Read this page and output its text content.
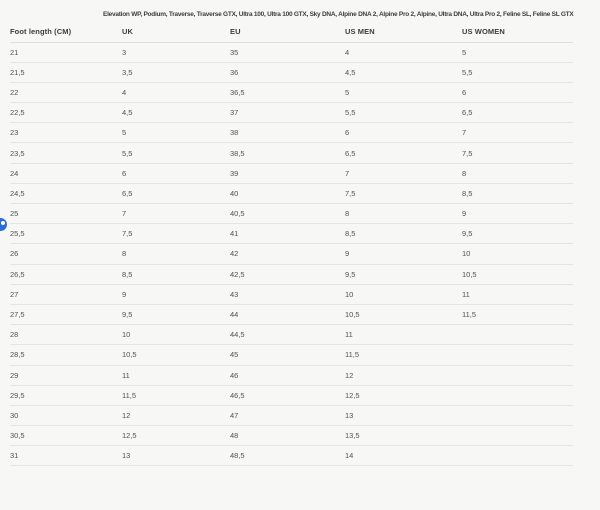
Elevation WP, Podium, Traverse, Traverse GTX, Ultra 100, Ultra 100 GTX, Sky DNA, Alpine DNA 2, Alpine Pro 2, Alpine, Ultra DNA, Ultra Pro 2, Feline SL, Feline SL GTX
Foot length (CM)	UK	EU	US MEN	US WOMEN
21	3	35	4	5
21,5	3,5	36	4,5	5,5
22	4	36,5	5	6
22,5	4,5	37	5,5	6,5
23	5	38	6	7
23,5	5,5	38,5	6,5	7,5
24	6	39	7	8
24,5	6,5	40	7,5	8,5
25	7	40,5	8	9
25,5	7,5	41	8,5	9,5
26	8	42	9	10
26,5	8,5	42,5	9,5	10,5
27	9	43	10	11
27,5	9,5	44	10,5	11,5
28	10	44,5	11	
28,5	10,5	45	11,5	
29	11	46	12	
29,5	11,5	46,5	12,5	
30	12	47	13	
30,5	12,5	48	13,5	
31	13	48,5	14	
